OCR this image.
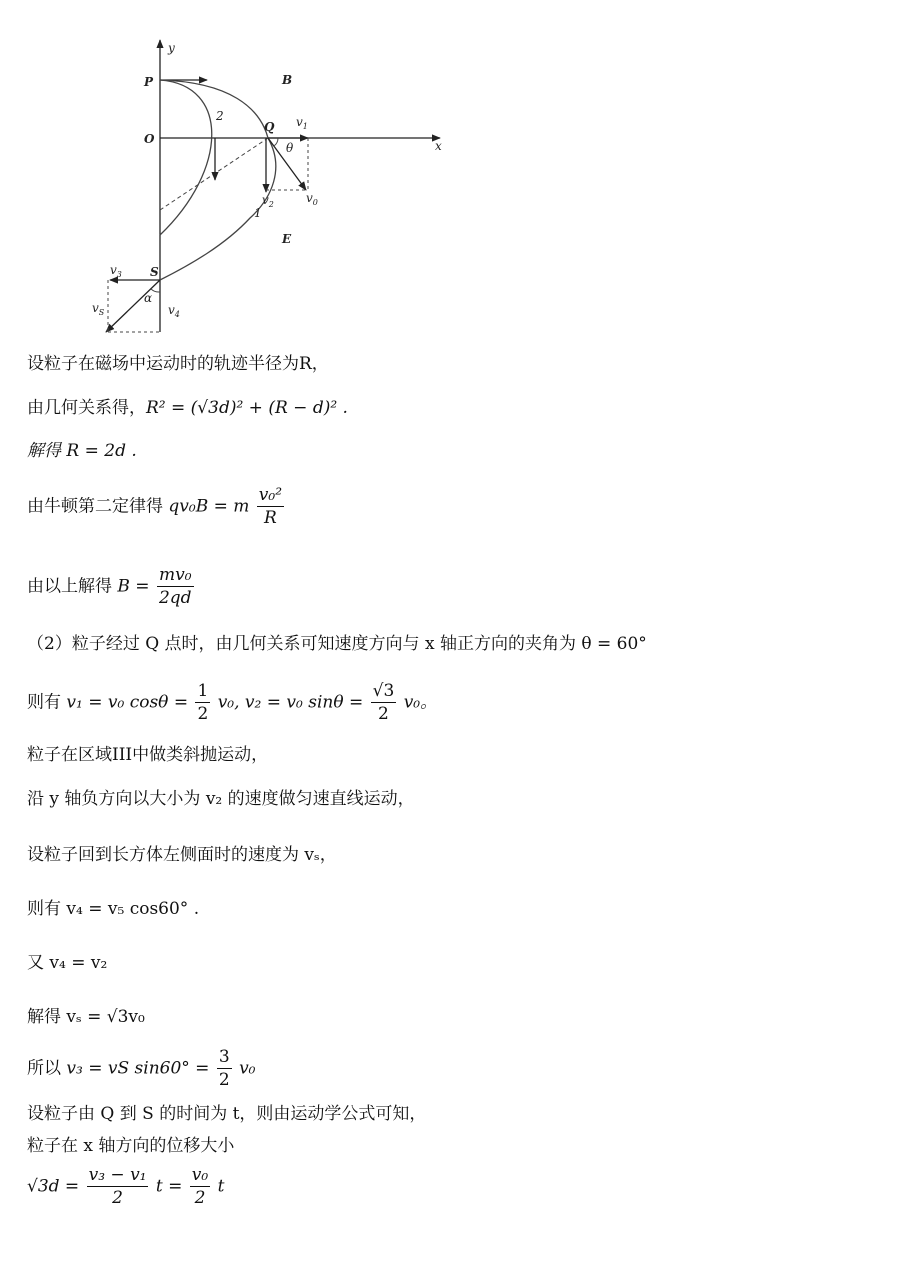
y
x
P
O
B
E
2
1
Q $v_1$
$v_0$
$v_2$
θ
S
$v_3$
$v_S$	$v_4$
α
设粒子在磁场中运动时的轨迹半径为R，
由几何关系得，R² = (√3d)² + (R − d)² .
解得 R = 2d .
由牛顿第二定律得 qv₀B = m $\frac{\text{v₀²}}{R}$
由以上解得 $B = \frac{\text{mv₀}}{2qd}$
（2）粒子经过 Q 点时，由几何关系可知速度方向与 x 轴正方向的夹角为 θ = 60°
则有 v₁ = v₀ $\cos\theta = \frac{1}{2} v_0$, v₂ = v₀ $\sin\theta = \frac{√3}{2} v_0$。
粒子在区域III中做类斜抛运动，
沿 y 轴负方向以大小为 v₂ 的速度做匀速直线运动，
设粒子回到长方体左侧面时的速度为 vₛ，
则有 v₄ = v₅ cos60° .
又 v₄ = v₂
解得 vₛ = √3v₀
所以 v₃ = vS $\sin 60^\circ = \frac{3}{2} v_0$
设粒子由 Q 到 S 的时间为 t，则由运动学公式可知，
粒子在 x 轴方向的位移大小
$√3d = \frac{\text{v₃ − v₁}}{2}$ $t = \frac{\text{v₀}}{2}$ t
